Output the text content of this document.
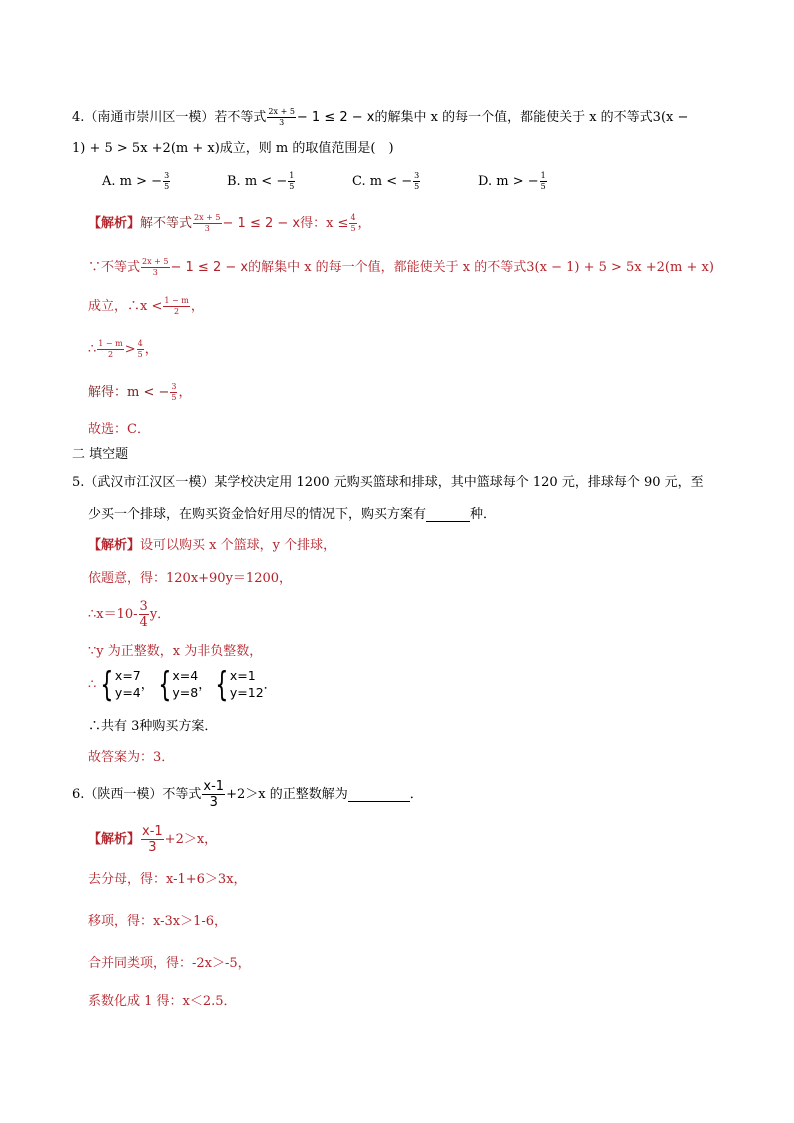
4.（南通市崇川区一模）若不等式 $\frac{2x + 5}{3} - 1 \le 2 - x$的解集中 x 的每一个值，都能使关于 x 的不等式3(x −
1) + 5 > 5x +2(m + x)成立，则 m 的取值范围是(　)
A. m > − $\frac{3}{5}$	B. m < − $\frac{1}{5}$	C. m < − $\frac{3}{5}$	D. m > − $\frac{1}{5}$
【解析】解不等式 $\frac{2x + 5}{3} - 1 \le 2 - x$得：$x \le \frac{4}{5}$ ，
∵不等式 $\frac{2x + 5}{3} - 1 \le 2 - x$的解集中 x 的每一个值，都能使关于 x 的不等式3(x − 1) + 5 > 5x +2(m + x)
成立，∴x < $\frac{1 - m}{2}$ ，
∴ $\frac{1 - m}{2} > \frac{4}{5}$ ，
解得：m < − $\frac{3}{5}$ ，
故选：C．
二 填空题
5.（武汉市江汉区一模）某学校决定用 1200 元购买篮球和排球，其中篮球每个 120 元，排球每个 90 元，至
少买一个排球，在购买资金恰好用尽的情况下，购买方案有	种．
【解析】设可以购买 x 个篮球，y 个排球，
依题意，得：120x+90y＝1200，
∴x＝10- $\frac{3}{4}$ y．
∵y 为正整数，x 为非负整数，
∴ { x=7
y=4 ， { x=4
y=8 ， { x=1
y=12 ．
∴共有 3种购买方案．
故答案为：3．
6.（陕西一模）不等式 $\frac{x-1}{3} +2>x$ 的正整数解为	．
【解析】 $\frac{x-1}{3} +2>x$，
去分母，得：x-1+6＞3x，
移项，得：x-3x＞1-6，
合并同类项，得：-2x＞-5，
系数化成 1 得：x＜2.5．
